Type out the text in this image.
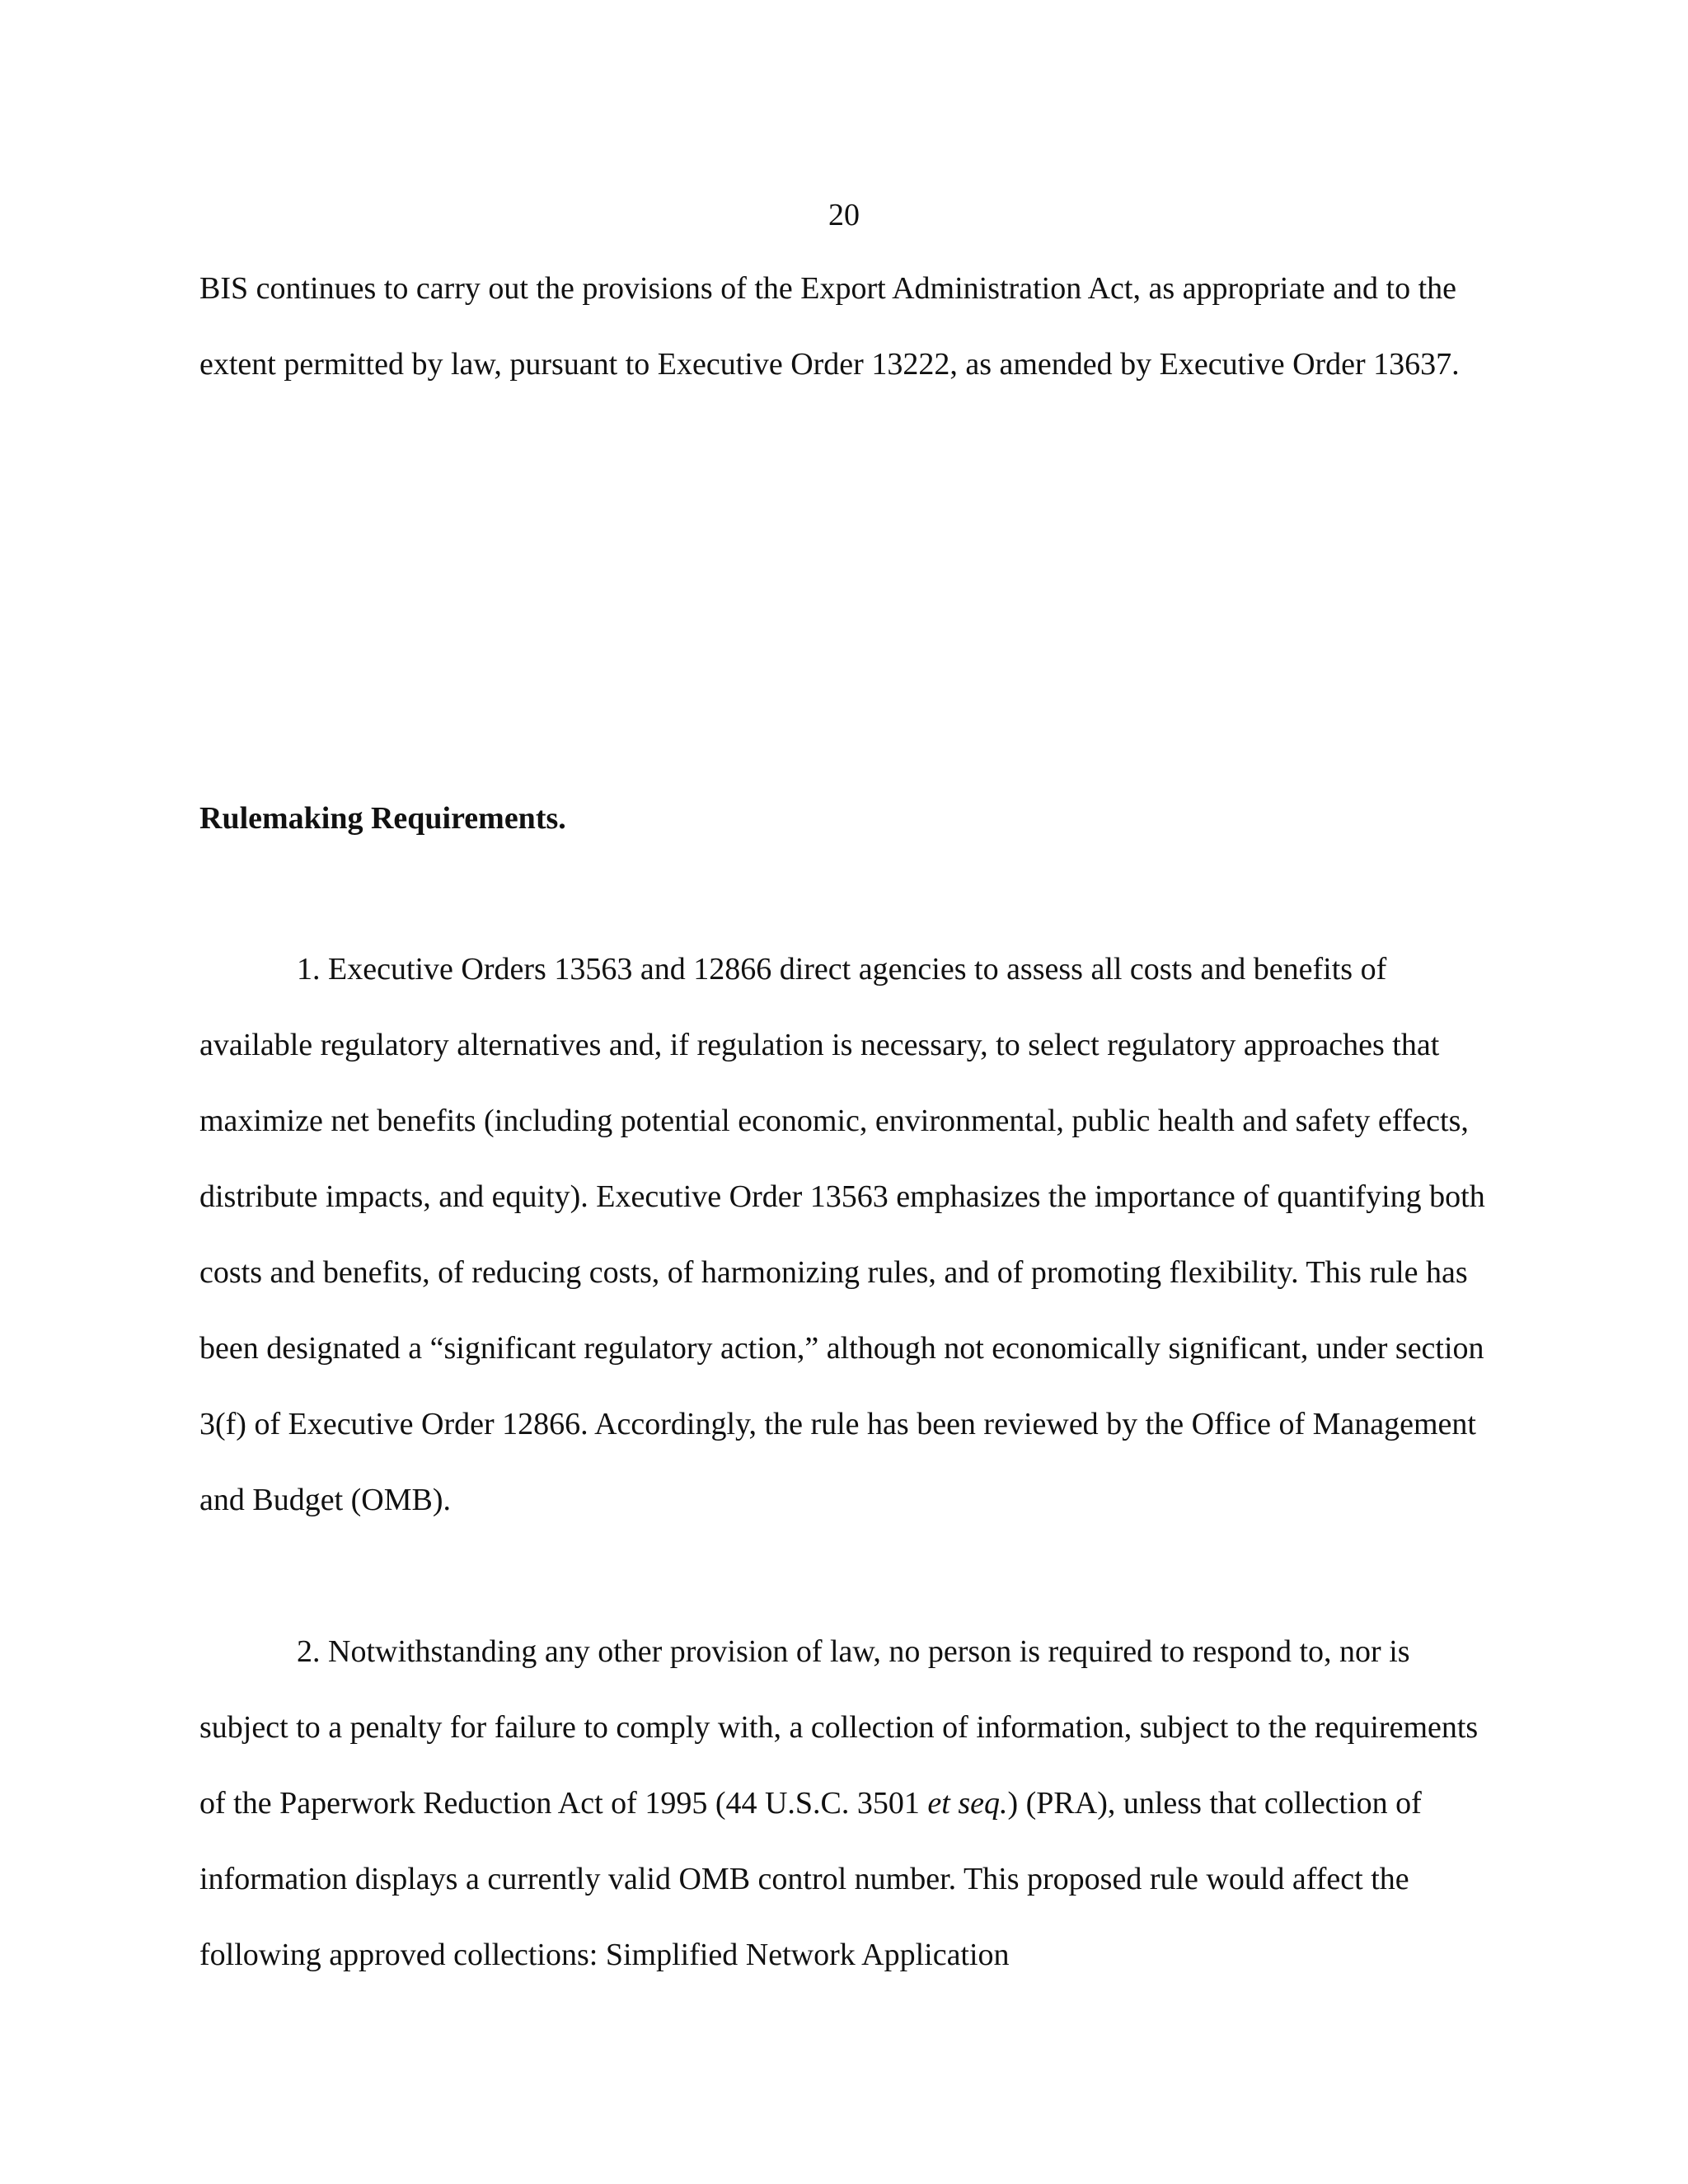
20

BIS continues to carry out the provisions of the Export Administration Act, as appropriate and to the extent permitted by law, pursuant to Executive Order 13222, as amended by Executive Order 13637.

Rulemaking Requirements.

1. Executive Orders 13563 and 12866 direct agencies to assess all costs and benefits of available regulatory alternatives and, if regulation is necessary, to select regulatory approaches that maximize net benefits (including potential economic, environmental, public health and safety effects, distribute impacts, and equity). Executive Order 13563 emphasizes the importance of quantifying both costs and benefits, of reducing costs, of harmonizing rules, and of promoting flexibility. This rule has been designated a “significant regulatory action,” although not economically significant, under section 3(f) of Executive Order 12866. Accordingly, the rule has been reviewed by the Office of Management and Budget (OMB).

2. Notwithstanding any other provision of law, no person is required to respond to, nor is subject to a penalty for failure to comply with, a collection of information, subject to the requirements of the Paperwork Reduction Act of 1995 (44 U.S.C. 3501 et seq.) (PRA), unless that collection of information displays a currently valid OMB control number. This proposed rule would affect the following approved collections: Simplified Network Application
